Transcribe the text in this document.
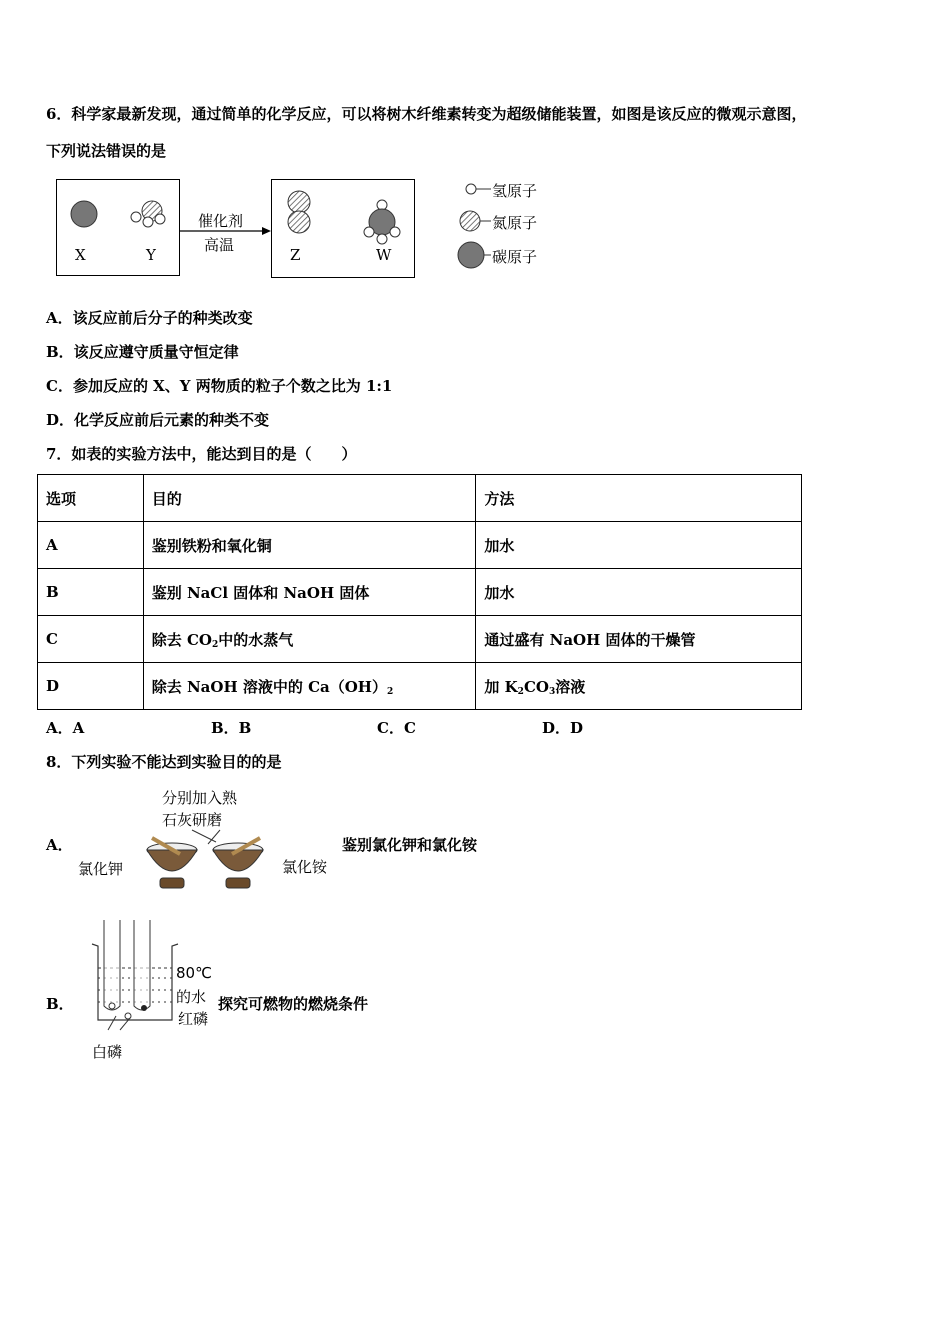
6．科学家最新发现，通过简单的化学反应，可以将树木纤维素转变为超级储能装置，如图是该反应的微观示意图，
下列说法错误的是
X	Y
催化剂
高温
Z	W
氢原子
氮原子
碳原子
A．该反应前后分子的种类改变
B．该反应遵守质量守恒定律
C．参加反应的 X、Y 两物质的粒子个数之比为 1:1
D．化学反应前后元素的种类不变
7．如表的实验方法中，能达到目的是（　　）
选项	目的	方法
A	鉴别铁粉和氧化铜	加水
B	鉴别 NaCl 固体和 NaOH 固体	加水
C	除去 $CO_2$中的水蒸气	通过盛有 NaOH 固体的干燥管
D	除去 NaOH 溶液中的 $Ca(OH)_2$	加 $K_2CO_3$溶液
A．A	B．B	C．C	D．D
8．下列实验不能达到实验目的的是
A．
分别加入熟
石灰研磨
氯化钾	氯化铵
鉴别氯化钾和氯化铵
B．
80℃
的水
红磷
白磷
探究可燃物的燃烧条件
